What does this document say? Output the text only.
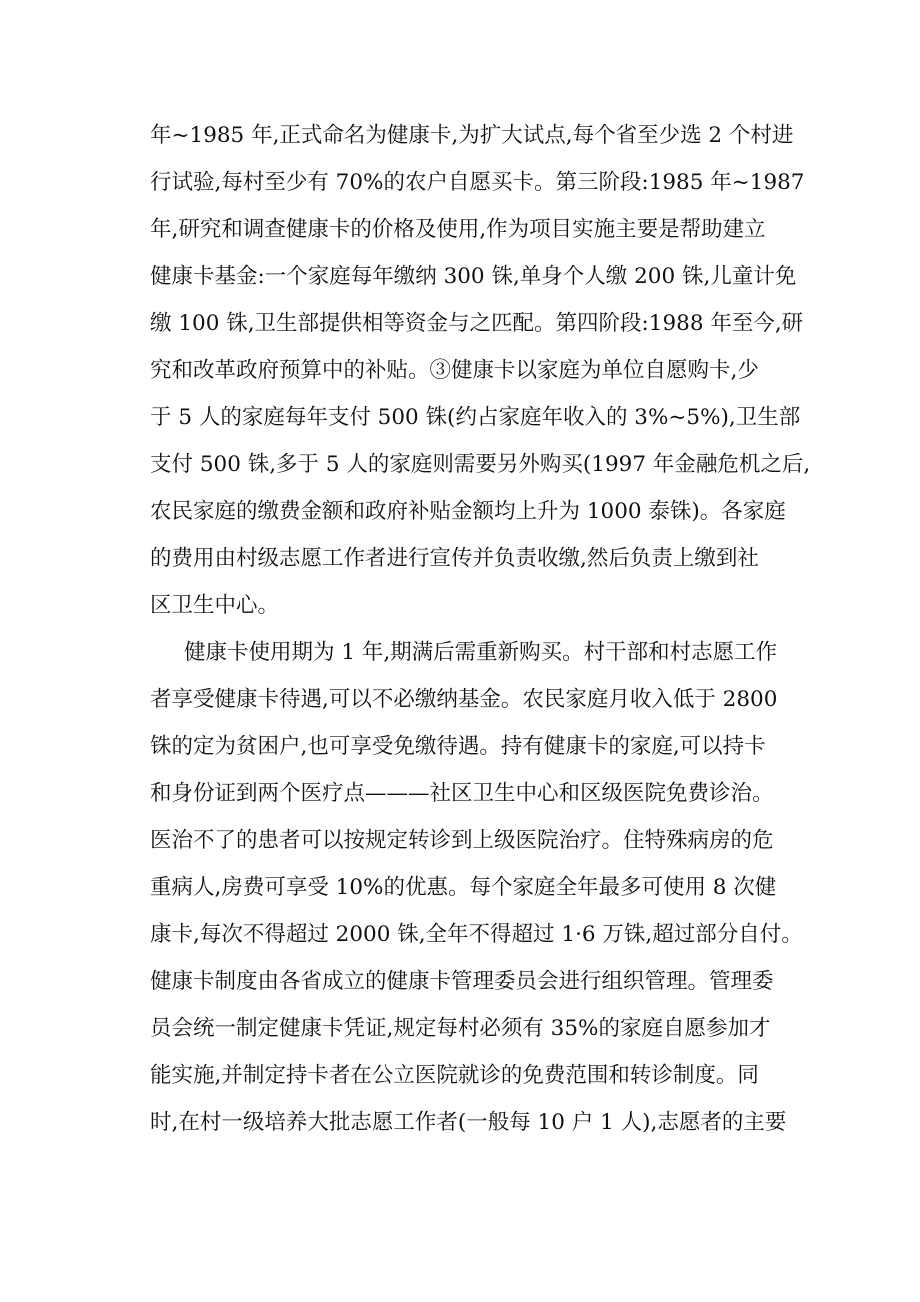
年~1985 年,正式命名为健康卡,为扩大试点,每个省至少选 2 个村进
行试验,每村至少有 70%的农户自愿买卡。第三阶段:1985 年~1987
年,研究和调查健康卡的价格及使用,作为项目实施主要是帮助建立
健康卡基金:一个家庭每年缴纳 300 铢,单身个人缴 200 铢,儿童计免
缴 100 铢,卫生部提供相等资金与之匹配。第四阶段:1988 年至今,研
究和改革政府预算中的补贴。③健康卡以家庭为单位自愿购卡,少
于 5 人的家庭每年支付 500 铢(约占家庭年收入的 3%~5%),卫生部
支付 500 铢,多于 5 人的家庭则需要另外购买(1997 年金融危机之后,
农民家庭的缴费金额和政府补贴金额均上升为 1000 泰铢)。各家庭
的费用由村级志愿工作者进行宣传并负责收缴,然后负责上缴到社
区卫生中心。
健康卡使用期为 1 年,期满后需重新购买。村干部和村志愿工作
者享受健康卡待遇,可以不必缴纳基金。农民家庭月收入低于 2800
铢的定为贫困户,也可享受免缴待遇。持有健康卡的家庭,可以持卡
和身份证到两个医疗点———社区卫生中心和区级医院免费诊治。
医治不了的患者可以按规定转诊到上级医院治疗。住特殊病房的危
重病人,房费可享受 10%的优惠。每个家庭全年最多可使用 8 次健
康卡,每次不得超过 2000 铢,全年不得超过 1·6 万铢,超过部分自付。
健康卡制度由各省成立的健康卡管理委员会进行组织管理。管理委
员会统一制定健康卡凭证,规定每村必须有 35%的家庭自愿参加才
能实施,并制定持卡者在公立医院就诊的免费范围和转诊制度。同
时,在村一级培养大批志愿工作者(一般每 10 户 1 人),志愿者的主要
